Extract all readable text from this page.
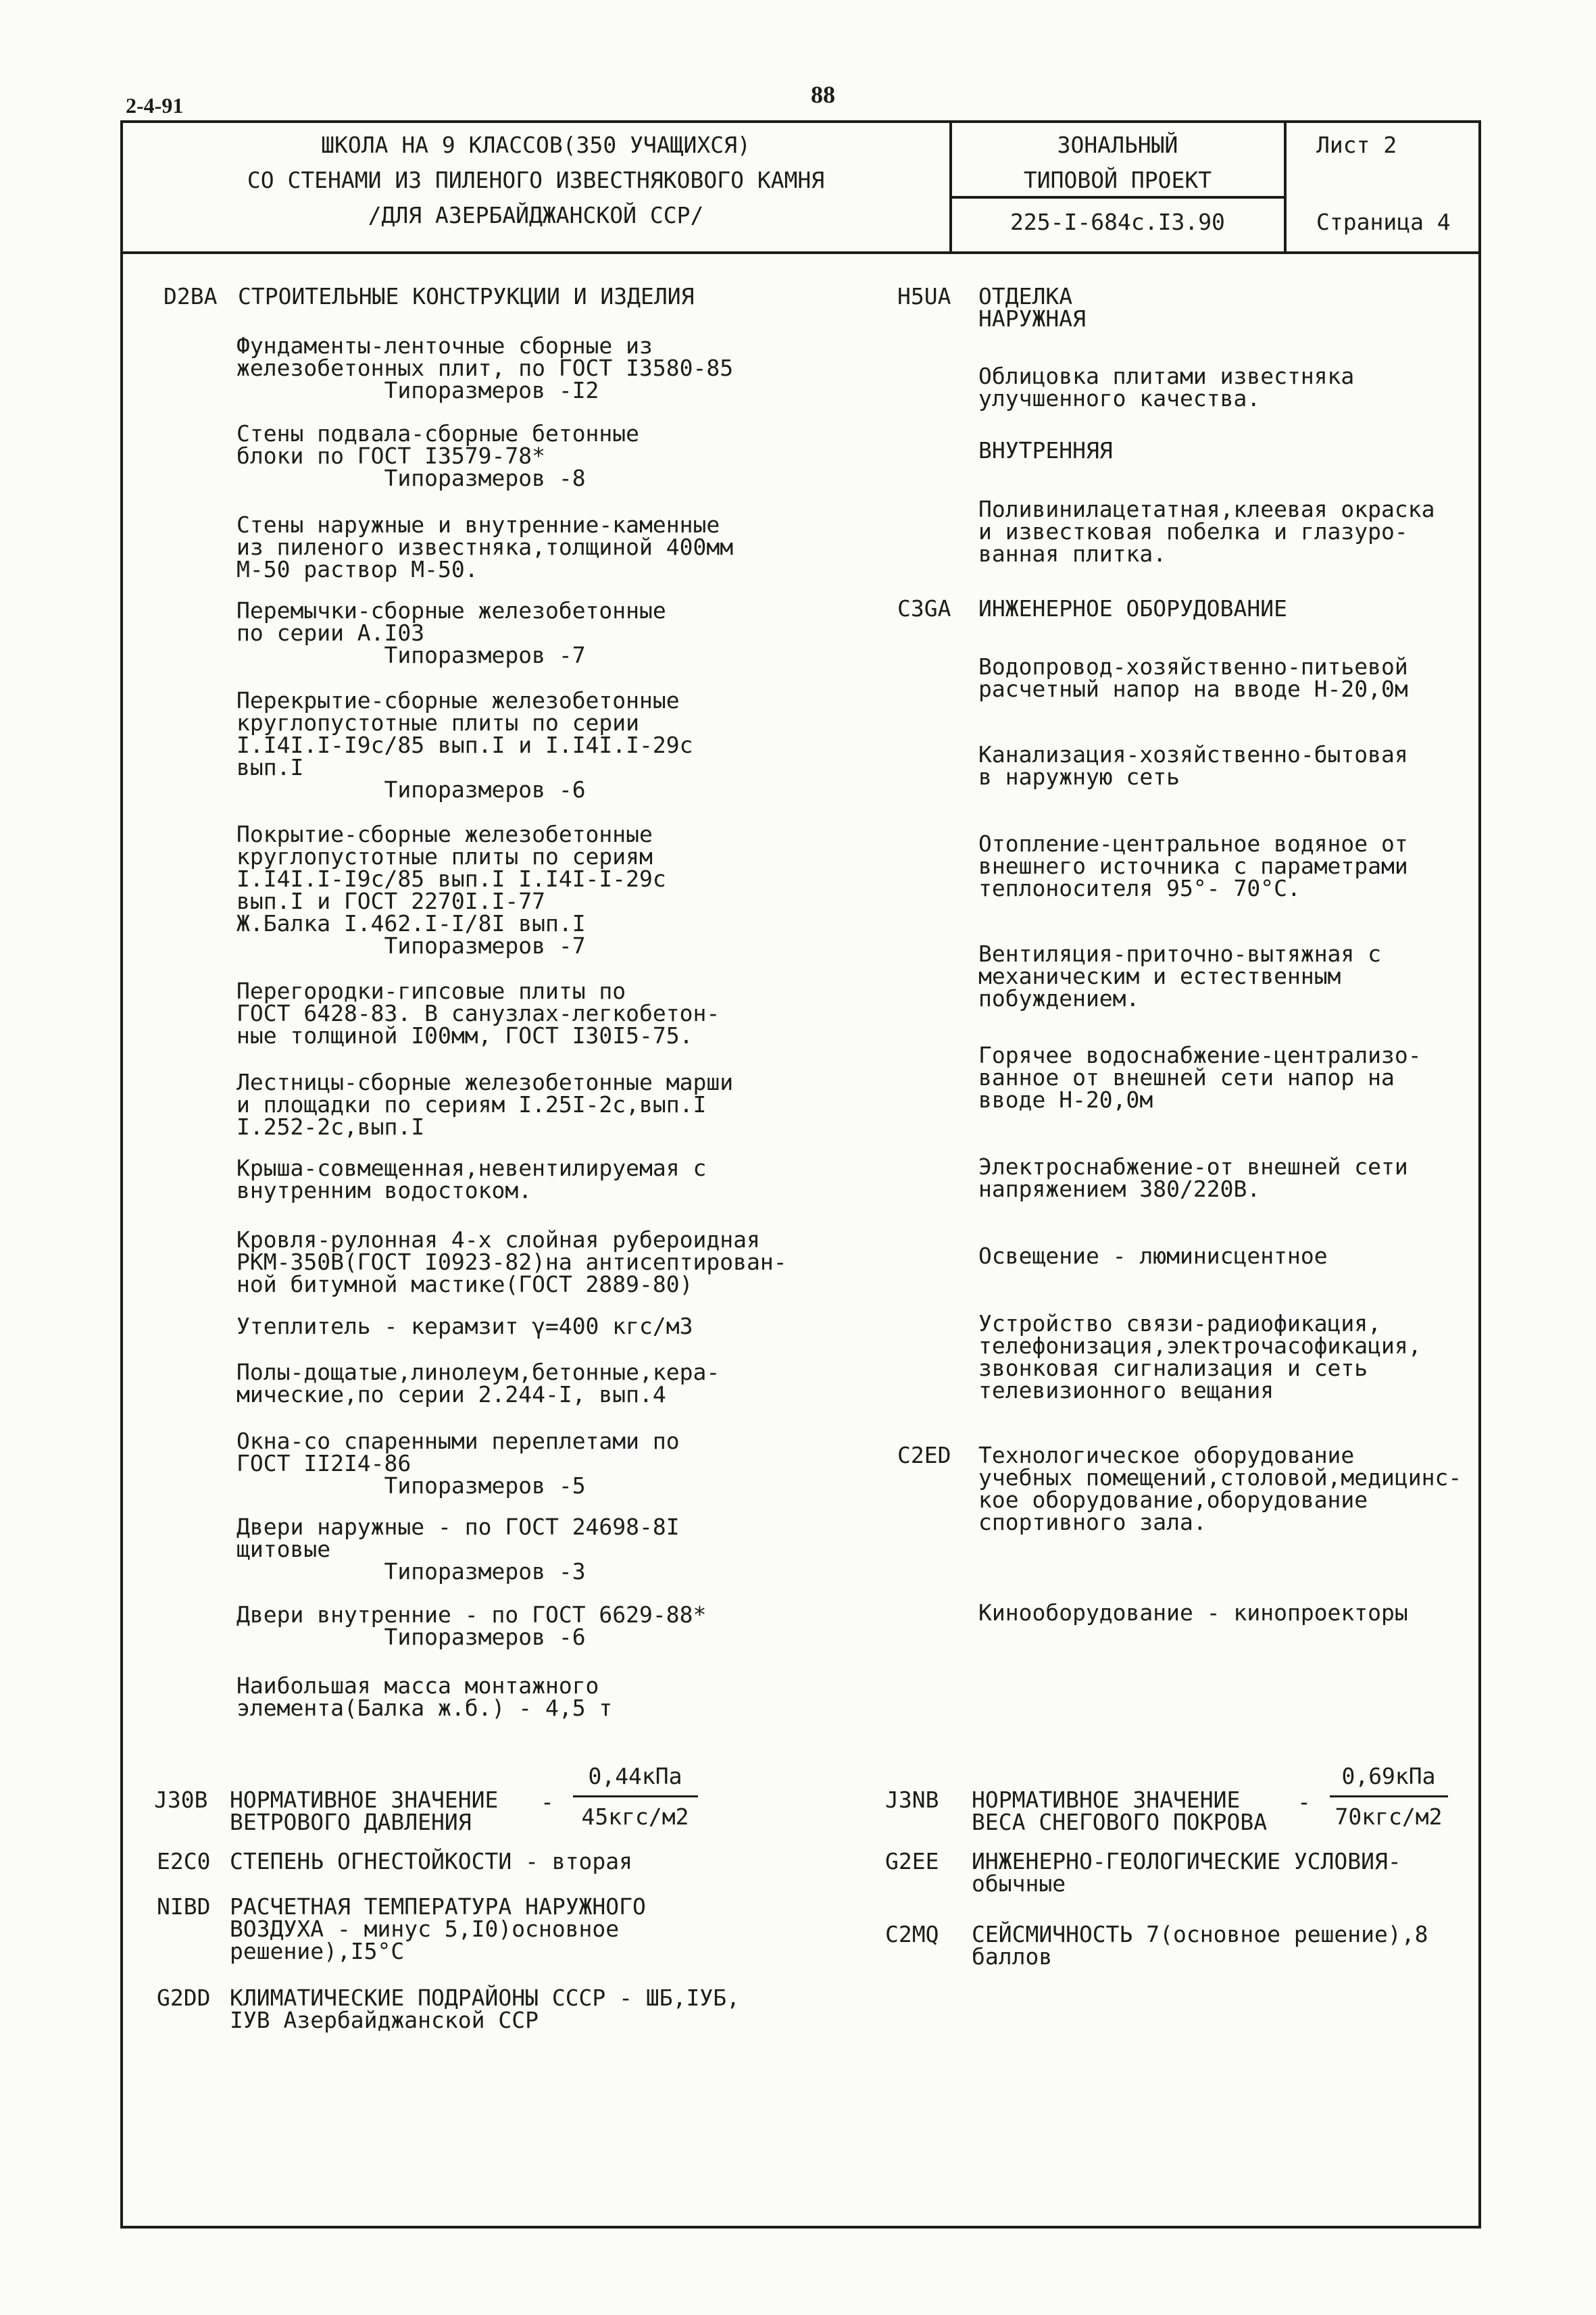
2-4-91	88
ШКОЛА НА 9 КЛАССОВ(350 УЧАЩИХСЯ)
СО СТЕНАМИ ИЗ ПИЛЕНОГО ИЗВЕСТНЯКОВОГО КАМНЯ
/ДЛЯ АЗЕРБАЙДЖАНСКОЙ ССР/
ЗОНАЛЬНЫЙ
ТИПОВОЙ ПРОЕКТ
225-I-684с.I3.90
Лист 2
Страница 4
D2BA СТРОИТЕЛЬНЫЕ КОНСТРУКЦИИ И ИЗДЕЛИЯ
Фундаменты-ленточные сборные из
железобетонных плит, по ГОСТ I3580-85
Типоразмеров -I2
Стены подвала-сборные бетонные
блоки по ГОСТ I3579-78*
Типоразмеров -8
Стены наружные и внутренние-каменные
из пиленого известняка,толщиной 400мм
М-50 раствор М-50.
Перемычки-сборные железобетонные
по серии А.I03
Типоразмеров -7
Перекрытие-сборные железобетонные
круглопустотные плиты по серии
I.I4I.I-I9с/85 вып.I и I.I4I.I-29с
вып.I
Типоразмеров -6
Покрытие-сборные железобетонные
круглопустотные плиты по сериям
I.I4I.I-I9с/85 вып.I I.I4I-I-29с
вып.I и ГОСТ 2270I.I-77
Ж.Балка I.462.I-I/8I вып.I
Типоразмеров -7
Перегородки-гипсовые плиты по
ГОСТ 6428-83. В санузлах-легкобетон-
ные толщиной I00мм, ГОСТ I30I5-75.
Лестницы-сборные железобетонные марши
и площадки по сериям I.25I-2с,вып.I
I.252-2с,вып.I
Крыша-совмещенная,невентилируемая с
внутренним водостоком.
Кровля-рулонная 4-х слойная рубероидная
РКМ-350В(ГОСТ I0923-82)на антисептирован-
ной битумной мастике(ГОСТ 2889-80)
Утеплитель - керамзит γ=400 кгс/м3
Полы-дощатые,линолеум,бетонные,кера-
мические,по серии 2.244-I, вып.4
Окна-со спаренными переплетами по
ГОСТ II2I4-86
Типоразмеров -5
Двери наружные - по ГОСТ 24698-8I
щитовые
Типоразмеров -3
Двери внутренние - по ГОСТ 6629-88*
Типоразмеров -6
Наибольшая масса монтажного
элемента(Балка ж.б.) - 4,5 т
H5UA ОТДЕЛКА
НАРУЖНАЯ
Облицовка плитами известняка
улучшенного качества.
ВНУТРЕННЯЯ
Поливинилацетатная,клеевая окраска
и известковая побелка и глазуро-
ванная плитка.
C3GA ИНЖЕНЕРНОЕ ОБОРУДОВАНИЕ
Водопровод-хозяйственно-питьевой
расчетный напор на вводе Н-20,0м
Канализация-хозяйственно-бытовая
в наружную сеть
Отопление-центральное водяное от
внешнего источника с параметрами
теплоносителя 95°- 70°С.
Вентиляция-приточно-вытяжная с
механическим и естественным
побуждением.
Горячее водоснабжение-централизо-
ванное от внешней сети напор на
вводе Н-20,0м
Электроснабжение-от внешней сети
напряжением 380/220В.
Освещение - люминисцентное
Устройство связи-радиофикация,
телефонизация,электрочасофикация,
звонковая сигнализация и сеть
телевизионного вещания
C2ED Технологическое оборудование
учебных помещений,столовой,медицинс-
кое оборудование,оборудование
спортивного зала.
Кинооборудование - кинопроекторы
J30B НОРМАТИВНОЕ ЗНАЧЕНИЕ
ВЕТРОВОГО ДАВЛЕНИЯ
-
0,44кПа
45кгс/м2
E2C0 СТЕПЕНЬ ОГНЕСТОЙКОСТИ - вторая
NIBD РАСЧЕТНАЯ ТЕМПЕРАТУРА НАРУЖНОГО
ВОЗДУХА - минус 5,I0)основное
решение),I5°С
G2DD КЛИМАТИЧЕСКИЕ ПОДРАЙОНЫ СССР - ШБ,IУБ,
IУВ Азербайджанской ССР
J3NB НОРМАТИВНОЕ ЗНАЧЕНИЕ
ВЕСА СНЕГОВОГО ПОКРОВА
-
0,69кПа
70кгс/м2
G2EE ИНЖЕНЕРНО-ГЕОЛОГИЧЕСКИЕ УСЛОВИЯ-
обычные
C2MQ СЕЙСМИЧНОСТЬ 7(основное решение),8
баллов
